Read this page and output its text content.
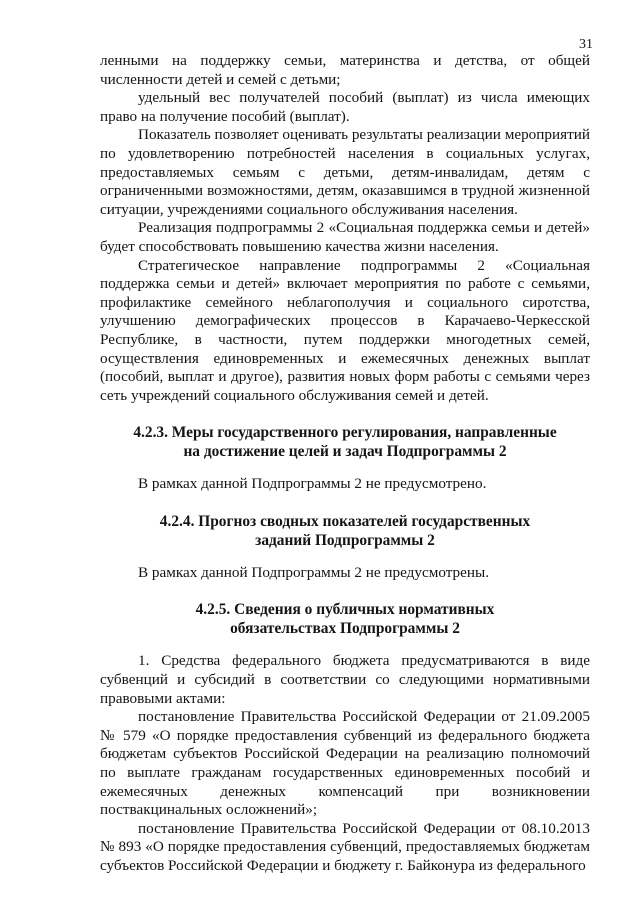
31

ленными на поддержку семьи, материнства и детства, от общей численности детей и семей с детьми;

удельный вес получателей пособий (выплат) из числа имеющих право на получение пособий (выплат).

Показатель позволяет оценивать результаты реализации мероприятий по удовлетворению потребностей населения в социальных услугах, предоставляемых семьям с детьми, детям-инвалидам, детям с ограниченными возможностями, детям, оказавшимся в трудной жизненной ситуации, учреждениями социального обслуживания населения.

Реализация подпрограммы 2 «Социальная поддержка семьи и детей» будет способствовать повышению качества жизни населения.

Стратегическое направление подпрограммы 2 «Социальная поддержка семьи и детей» включает мероприятия по работе с семьями, профилактике семейного неблагополучия и социального сиротства, улучшению демографических процессов в Карачаево-Черкесской Республике, в частности, путем поддержки многодетных семей, осуществления единовременных и ежемесячных денежных выплат (пособий, выплат и другое), развития новых форм работы с семьями через сеть учреждений социального обслуживания семей и детей.

4.2.3. Меры государственного регулирования, направленные
на достижение целей и задач Подпрограммы 2

В рамках данной Подпрограммы 2 не предусмотрено.

4.2.4. Прогноз сводных показателей государственных
заданий Подпрограммы 2

В рамках данной Подпрограммы 2 не предусмотрены.

4.2.5. Сведения о публичных нормативных
обязательствах Подпрограммы 2

1. Средства федерального бюджета предусматриваются в виде субвенций и субсидий в соответствии со следующими нормативными правовыми актами:

постановление Правительства Российской Федерации от 21.09.2005 № 579 «О порядке предоставления субвенций из федерального бюджета бюджетам субъектов Российской Федерации на реализацию полномочий по выплате гражданам государственных единовременных пособий и ежемесячных денежных компенсаций при возникновении поствакцинальных осложнений»;

постановление Правительства Российской Федерации от 08.10.2013 № 893 «О порядке предоставления субвенций, предоставляемых бюджетам субъектов Российской Федерации и бюджету г. Байконура из федерального
